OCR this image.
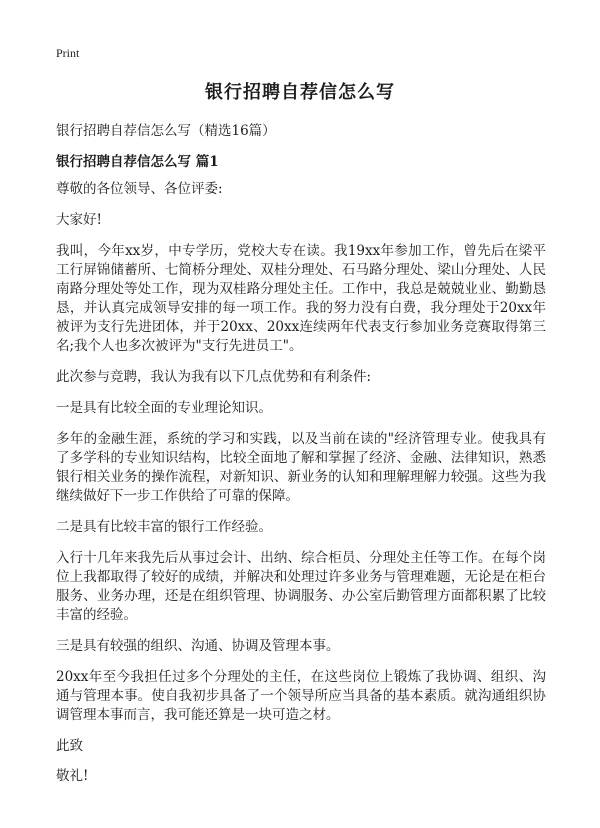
Print
银行招聘自荐信怎么写
银行招聘自荐信怎么写（精选16篇）
银行招聘自荐信怎么写 篇1

尊敬的各位领导、各位评委:

大家好!

我叫，今年xx岁，中专学历，党校大专在读。我19xx年参加工作，曾先后在梁平工行屏锦储蓄所、七简桥分理处、双桂分理处、石马路分理处、梁山分理处、人民南路分理处等处工作，现为双桂路分理处主任。工作中，我总是兢兢业业、勤勤恳恳，并认真完成领导安排的每一项工作。我的努力没有白费，我分理处于20xx年被评为支行先进团体，并于20xx、20xx连续两年代表支行参加业务竞赛取得第三名;我个人也多次被评为"支行先进员工"。

此次参与竞聘，我认为我有以下几点优势和有利条件:

一是具有比较全面的专业理论知识。

多年的金融生涯，系统的学习和实践，以及当前在读的"经济管理专业。使我具有了多学科的专业知识结构，比较全面地了解和掌握了经济、金融、法律知识，熟悉银行相关业务的操作流程，对新知识、新业务的认知和理解理解力较强。这些为我继续做好下一步工作供给了可靠的保障。

二是具有比较丰富的银行工作经验。

入行十几年来我先后从事过会计、出纳、综合柜员、分理处主任等工作。在每个岗位上我都取得了较好的成绩，并解决和处理过许多业务与管理难题，无论是在柜台服务、业务办理，还是在组织管理、协调服务、办公室后勤管理方面都积累了比较丰富的经验。

三是具有较强的组织、沟通、协调及管理本事。

20xx年至今我担任过多个分理处的主任，在这些岗位上锻炼了我协调、组织、沟通与管理本事。使自我初步具备了一个领导所应当具备的基本素质。就沟通组织协调管理本事而言，我可能还算是一块可造之材。

此致

敬礼!
